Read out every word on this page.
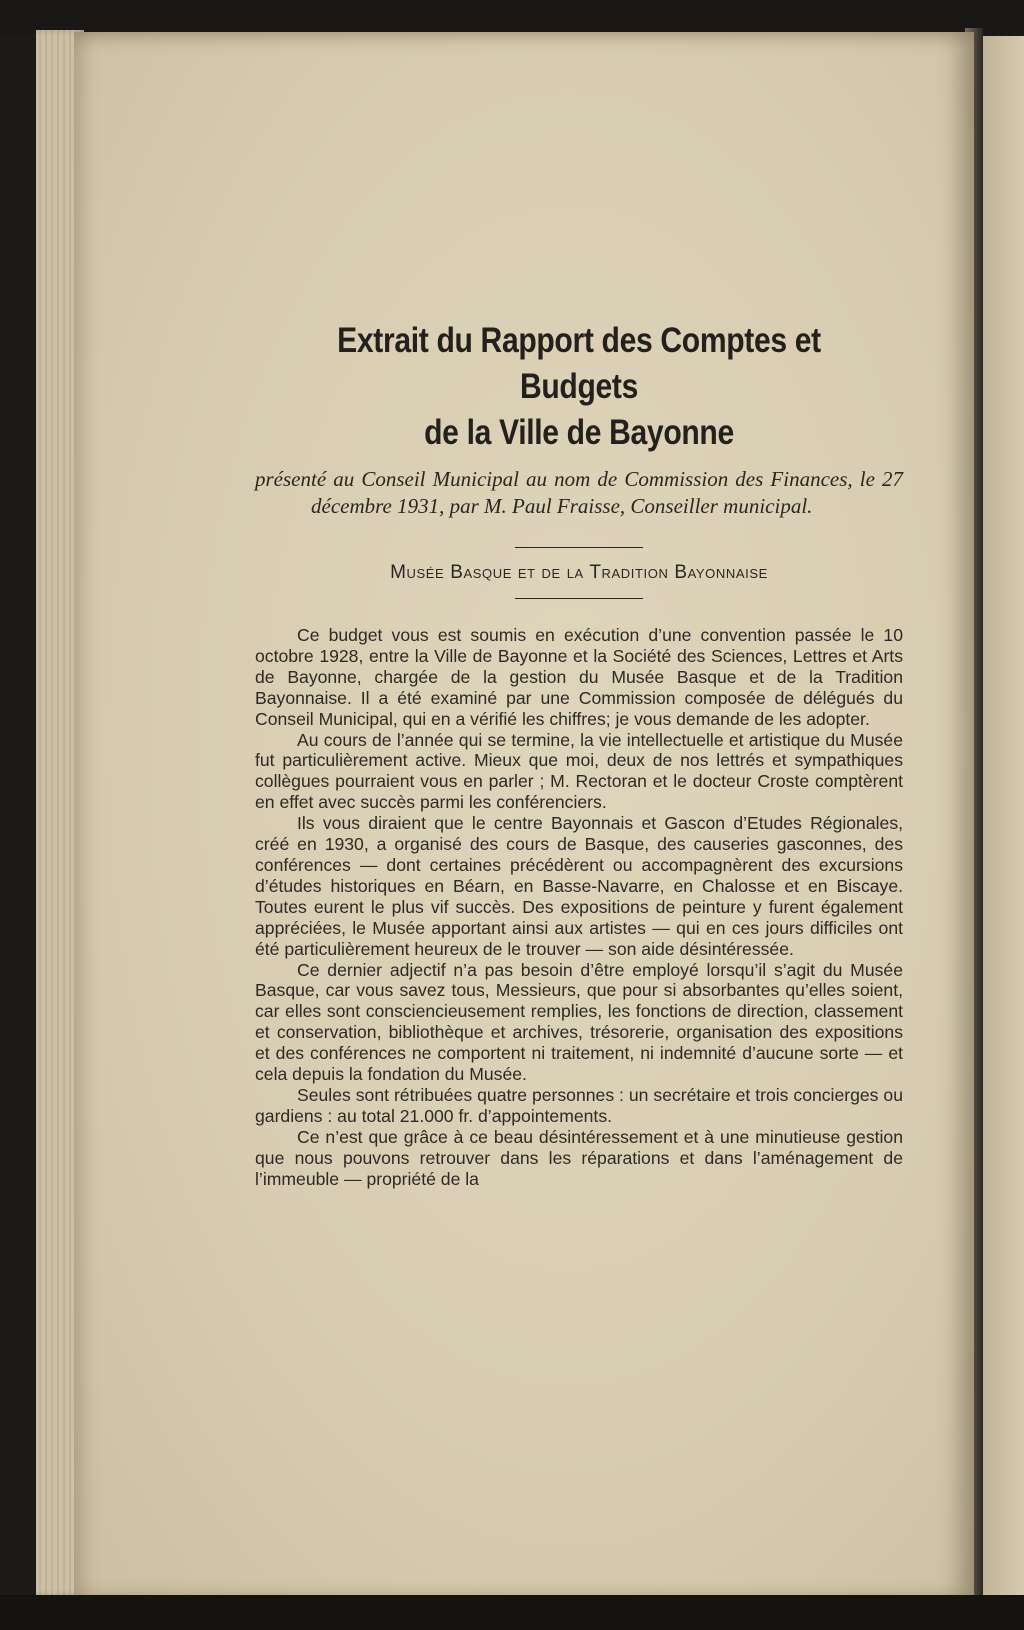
Extrait du Rapport des Comptes et Budgets
de la Ville de Bayonne

présenté au Conseil Municipal au nom de Commission des Finances, le 27 décembre 1931, par M. Paul Fraisse, Conseiller municipal.

Musée Basque et de la Tradition Bayonnaise

Ce budget vous est soumis en exécution d’une convention passée le 10 octobre 1928, entre la Ville de Bayonne et la Société des Sciences, Lettres et Arts de Bayonne, chargée de la gestion du Musée Basque et de la Tradition Bayonnaise. Il a été examiné par une Commission composée de délégués du Conseil Municipal, qui en a vérifié les chiffres; je vous demande de les adopter.

Au cours de l’année qui se termine, la vie intellectuelle et artistique du Musée fut particulièrement active. Mieux que moi, deux de nos lettrés et sympathiques collègues pourraient vous en parler ; M. Rectoran et le docteur Croste comptèrent en effet avec succès parmi les conférenciers.

Ils vous diraient que le centre Bayonnais et Gascon d’Etudes Régionales, créé en 1930, a organisé des cours de Basque, des causeries gasconnes, des conférences — dont certaines précédèrent ou accompagnèrent des excursions d’études historiques en Béarn, en Basse-Navarre, en Chalosse et en Biscaye. Toutes eurent le plus vif succès. Des expositions de peinture y furent également appréciées, le Musée apportant ainsi aux artistes — qui en ces jours difficiles ont été particulièrement heureux de le trouver — son aide désintéressée.

Ce dernier adjectif n’a pas besoin d’être employé lorsqu’il s’agit du Musée Basque, car vous savez tous, Messieurs, que pour si absorbantes qu’elles soient, car elles sont consciencieusement remplies, les fonctions de direction, classement et conservation, bibliothèque et archives, trésorerie, organisation des expositions et des conférences ne comportent ni traitement, ni indemnité d’aucune sorte — et cela depuis la fondation du Musée.

Seules sont rétribuées quatre personnes : un secrétaire et trois concierges ou gardiens : au total 21.000 fr. d’appointements.

Ce n’est que grâce à ce beau désintéressement et à une minutieuse gestion que nous pouvons retrouver dans les réparations et dans l’aménagement de l’immeuble — propriété de la
